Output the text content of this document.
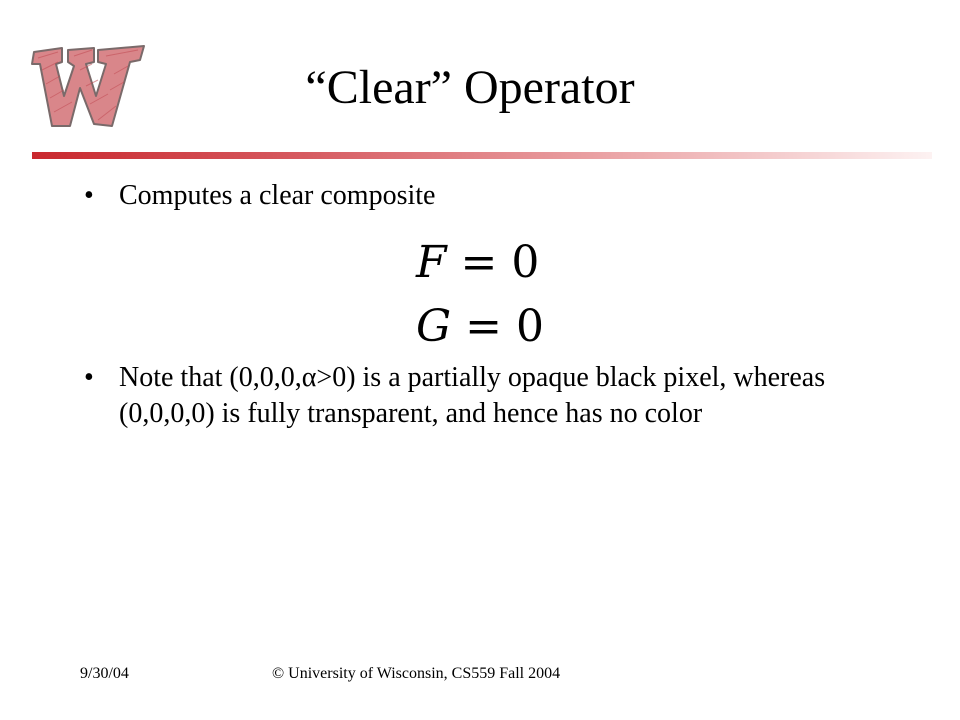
“Clear” Operator
• Computes a clear composite
F = 0
G = 0
• Note that (0,0,0,α>0) is a partially opaque black pixel, whereas (0,0,0,0) is fully transparent, and hence has no color
9/30/04	© University of Wisconsin, CS559 Fall 2004
